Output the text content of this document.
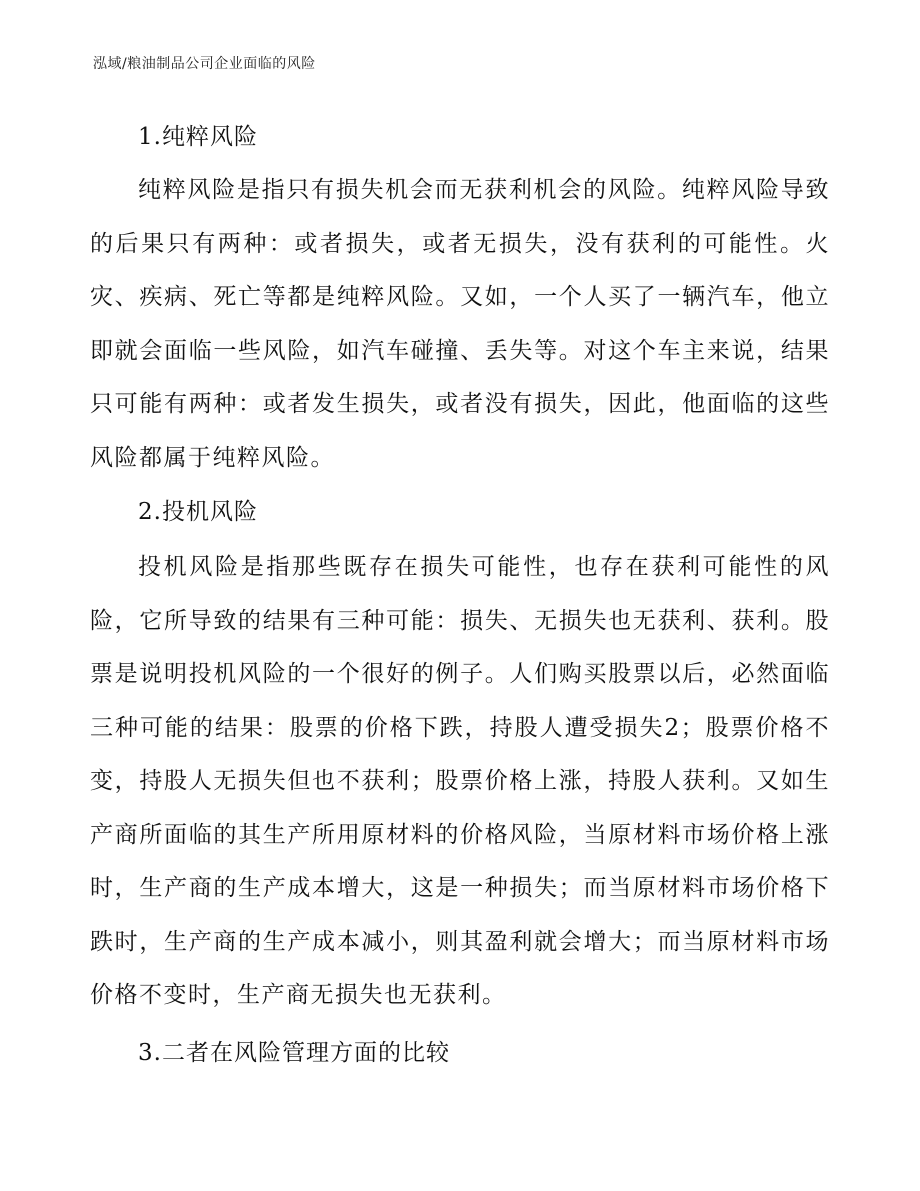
泓域/粮油制品公司企业面临的风险
1.纯粹风险

纯粹风险是指只有损失机会而无获利机会的风险。纯粹风险导致的后果只有两种：或者损失，或者无损失，没有获利的可能性。火灾、疾病、死亡等都是纯粹风险。又如，一个人买了一辆汽车，他立即就会面临一些风险，如汽车碰撞、丢失等。对这个车主来说，结果只可能有两种：或者发生损失，或者没有损失，因此，他面临的这些风险都属于纯粹风险。

2.投机风险

投机风险是指那些既存在损失可能性，也存在获利可能性的风险，它所导致的结果有三种可能：损失、无损失也无获利、获利。股票是说明投机风险的一个很好的例子。人们购买股票以后，必然面临三种可能的结果：股票的价格下跌，持股人遭受损失2；股票价格不变，持股人无损失但也不获利；股票价格上涨，持股人获利。又如生产商所面临的其生产所用原材料的价格风险，当原材料市场价格上涨时，生产商的生产成本增大，这是一种损失；而当原材料市场价格下跌时，生产商的生产成本减小，则其盈利就会增大；而当原材料市场价格不变时，生产商无损失也无获利。

3.二者在风险管理方面的比较
